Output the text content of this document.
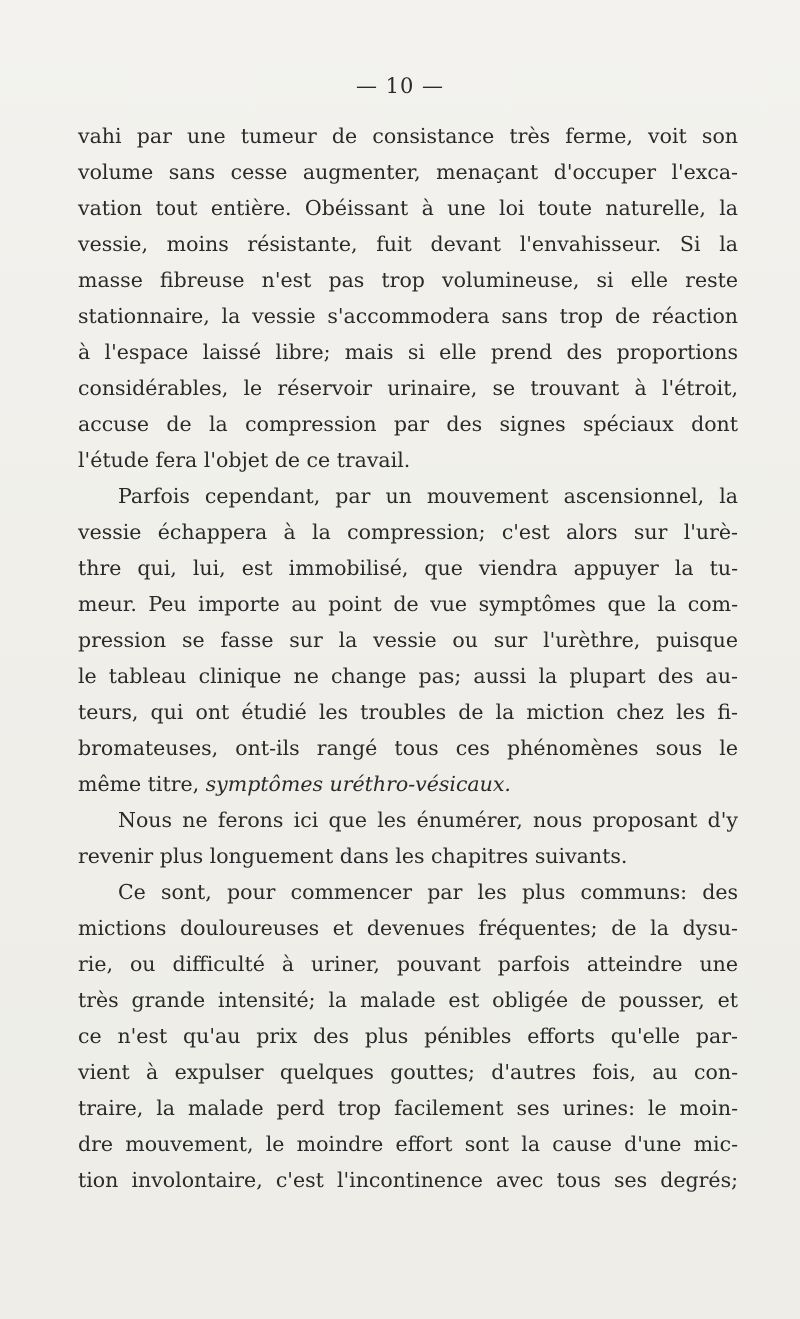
— 10 —
vahi par une tumeur de consistance très ferme, voit son
volume sans cesse augmenter, menaçant d'occuper l'exca-
vation tout entière. Obéissant à une loi toute naturelle, la
vessie, moins résistante, fuit devant l'envahisseur. Si la
masse fibreuse n'est pas trop volumineuse, si elle reste
stationnaire, la vessie s'accommodera sans trop de réaction
à l'espace laissé libre; mais si elle prend des proportions
considérables, le réservoir urinaire, se trouvant à l'étroit,
accuse de la compression par des signes spéciaux dont
l'étude fera l'objet de ce travail.
Parfois cependant, par un mouvement ascensionnel, la
vessie échappera à la compression; c'est alors sur l'urè-
thre qui, lui, est immobilisé, que viendra appuyer la tu-
meur. Peu importe au point de vue symptômes que la com-
pression se fasse sur la vessie ou sur l'urèthre, puisque
le tableau clinique ne change pas; aussi la plupart des au-
teurs, qui ont étudié les troubles de la miction chez les fi-
bromateuses, ont-ils rangé tous ces phénomènes sous le
même titre, symptômes uréthro-vésicaux.
Nous ne ferons ici que les énumérer, nous proposant d'y
revenir plus longuement dans les chapitres suivants.
Ce sont, pour commencer par les plus communs: des
mictions douloureuses et devenues fréquentes; de la dysu-
rie, ou difficulté à uriner, pouvant parfois atteindre une
très grande intensité; la malade est obligée de pousser, et
ce n'est qu'au prix des plus pénibles efforts qu'elle par-
vient à expulser quelques gouttes; d'autres fois, au con-
traire, la malade perd trop facilement ses urines: le moin-
dre mouvement, le moindre effort sont la cause d'une mic-
tion involontaire, c'est l'incontinence avec tous ses degrés;
